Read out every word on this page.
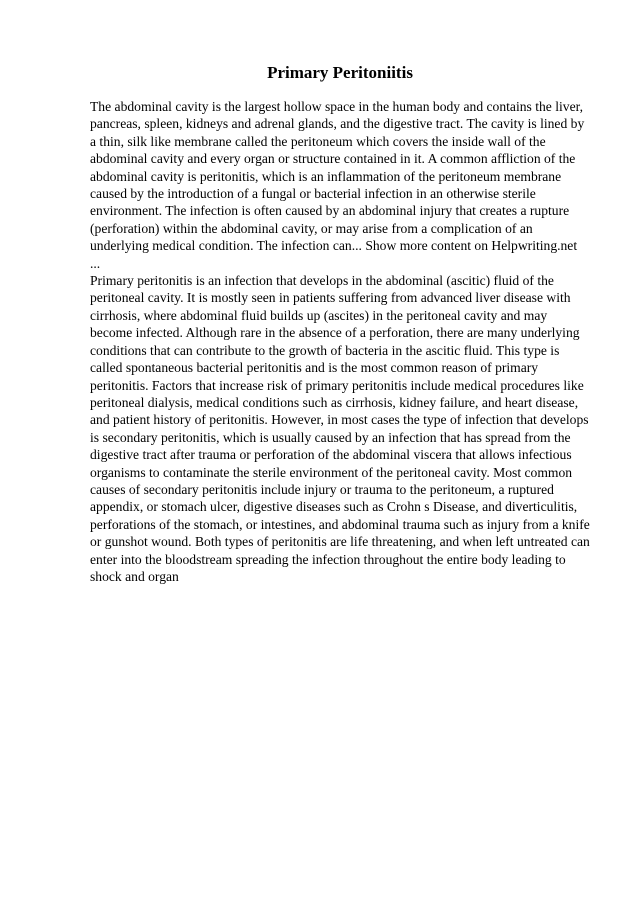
Primary Peritoniitis

The abdominal cavity is the largest hollow space in the human body and contains the liver, pancreas, spleen, kidneys and adrenal glands, and the digestive tract. The cavity is lined by a thin, silk like membrane called the peritoneum which covers the inside wall of the abdominal cavity and every organ or structure contained in it. A common affliction of the abdominal cavity is peritonitis, which is an inflammation of the peritoneum membrane caused by the introduction of a fungal or bacterial infection in an otherwise sterile environment. The infection is often caused by an abdominal injury that creates a rupture (perforation) within the abdominal cavity, or may arise from a complication of an underlying medical condition. The infection can... Show more content on Helpwriting.net ...

Primary peritonitis is an infection that develops in the abdominal (ascitic) fluid of the peritoneal cavity. It is mostly seen in patients suffering from advanced liver disease with cirrhosis, where abdominal fluid builds up (ascites) in the peritoneal cavity and may become infected. Although rare in the absence of a perforation, there are many underlying conditions that can contribute to the growth of bacteria in the ascitic fluid. This type is called spontaneous bacterial peritonitis and is the most common reason of primary peritonitis. Factors that increase risk of primary peritonitis include medical procedures like peritoneal dialysis, medical conditions such as cirrhosis, kidney failure, and heart disease, and patient history of peritonitis. However, in most cases the type of infection that develops is secondary peritonitis, which is usually caused by an infection that has spread from the digestive tract after trauma or perforation of the abdominal viscera that allows infectious organisms to contaminate the sterile environment of the peritoneal cavity. Most common causes of secondary peritonitis include injury or trauma to the peritoneum, a ruptured appendix, or stomach ulcer, digestive diseases such as Crohn s Disease, and diverticulitis, perforations of the stomach, or intestines, and abdominal trauma such as injury from a knife or gunshot wound. Both types of peritonitis are life threatening, and when left untreated can enter into the bloodstream spreading the infection throughout the entire body leading to shock and organ
